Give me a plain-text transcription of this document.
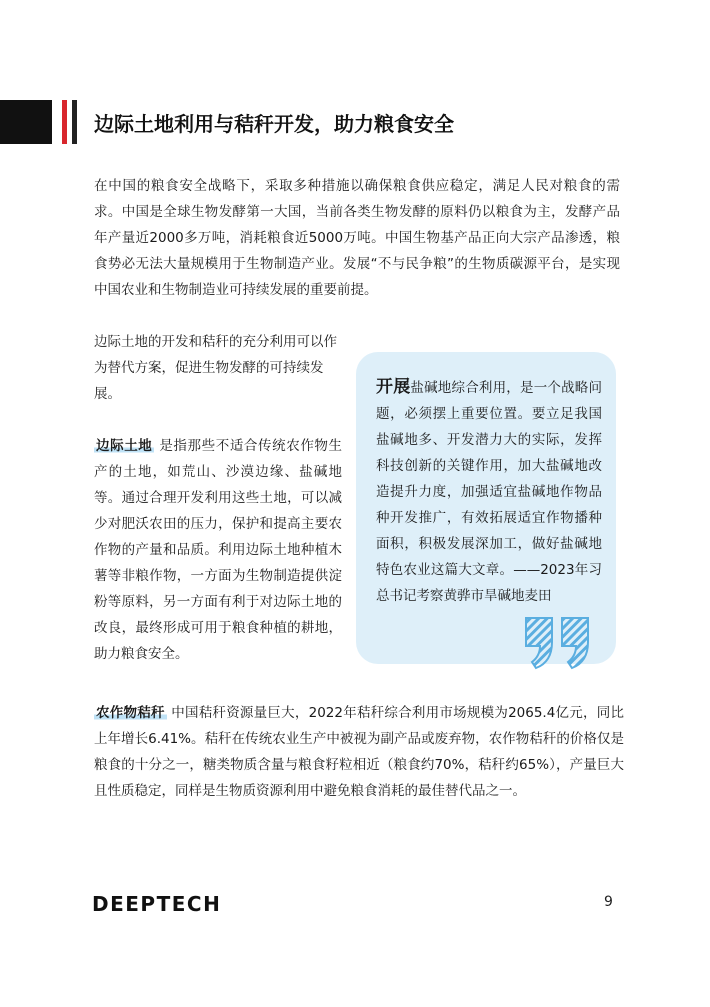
边际土地利用与秸秆开发，助力粮食安全

在中国的粮食安全战略下，采取多种措施以确保粮食供应稳定，满足人民对粮食的需求。中国是全球生物发酵第一大国，当前各类生物发酵的原料仍以粮食为主，发酵产品年产量近2000多万吨，消耗粮食近5000万吨。中国生物基产品正向大宗产品渗透，粮食势必无法大量规模用于生物制造产业。发展“不与民争粮”的生物质碳源平台，是实现中国农业和生物制造业可持续发展的重要前提。

边际土地的开发和秸秆的充分利用可以作为替代方案，促进生物发酵的可持续发展。

边际土地 是指那些不适合传统农作物生产的土地，如荒山、沙漠边缘、盐碱地等。通过合理开发利用这些土地，可以减少对肥沃农田的压力，保护和提高主要农作物的产量和品质。利用边际土地种植木薯等非粮作物，一方面为生物制造提供淀粉等原料，另一方面有利于对边际土地的改良，最终形成可用于粮食种植的耕地，助力粮食安全。

开展盐碱地综合利用，是一个战略问题，必须摆上重要位置。要立足我国盐碱地多、开发潜力大的实际，发挥科技创新的关键作用，加大盐碱地改造提升力度，加强适宜盐碱地作物品种开发推广，有效拓展适宜作物播种面积，积极发展深加工，做好盐碱地特色农业这篇大文章。——2023年习总书记考察黄骅市旱碱地麦田

农作物秸秆 中国秸秆资源量巨大，2022年秸秆综合利用市场规模为2065.4亿元，同比上年增长6.41%。秸秆在传统农业生产中被视为副产品或废弃物，农作物秸秆的价格仅是粮食的十分之一，糖类物质含量与粮食籽粒相近（粮食约70%，秸秆约65%），产量巨大且性质稳定，同样是生物质资源利用中避免粮食消耗的最佳替代品之一。

DEEPTECH	9
